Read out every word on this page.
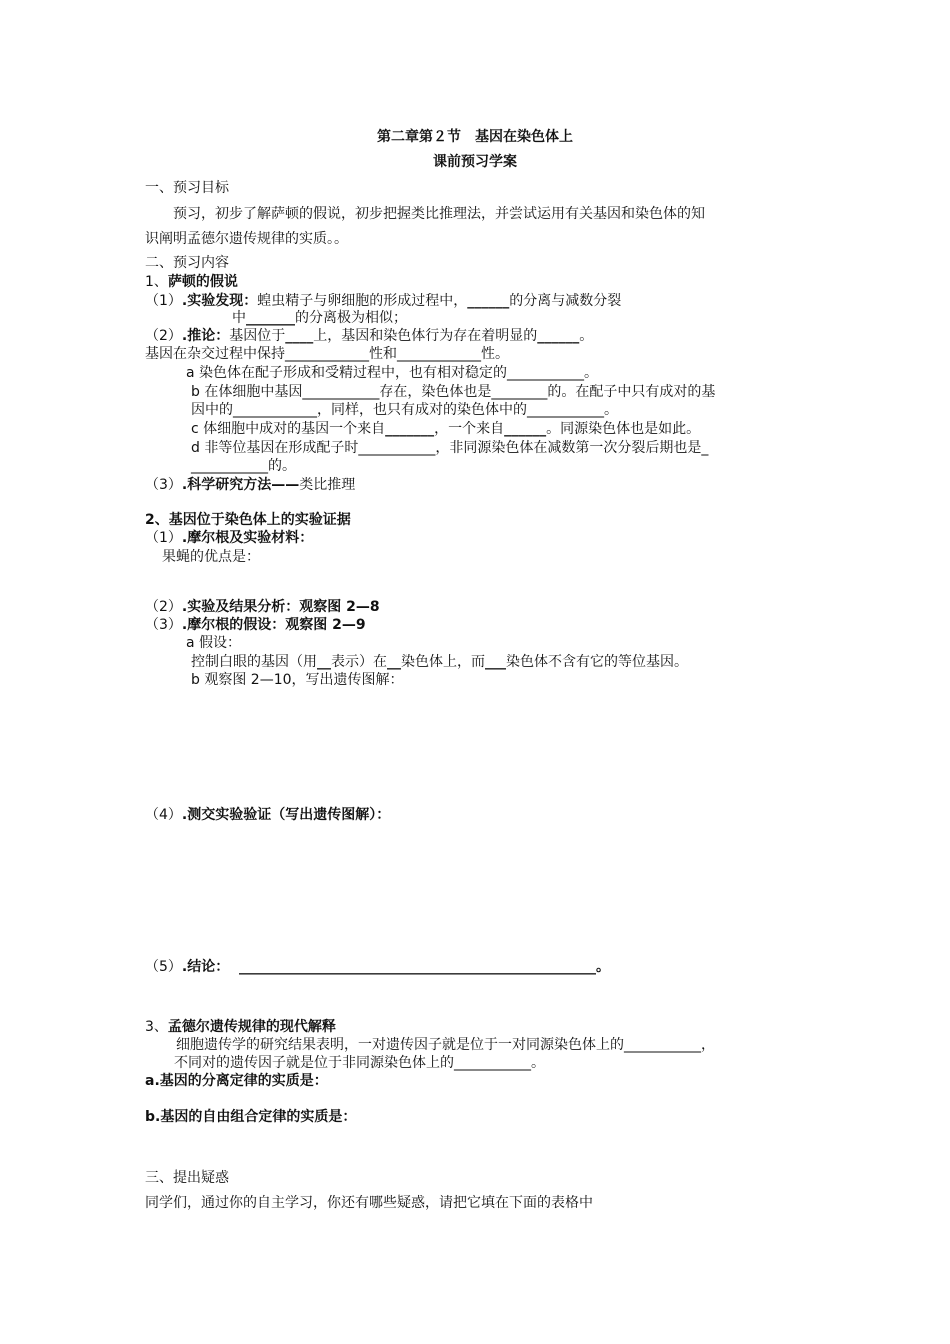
第二章第２节　基因在染色体上
课前预习学案
一、预习目标
　　预习，初步了解萨顿的假说，初步把握类比推理法，并尝试运用有关基因和染色体的知
识阐明孟德尔遗传规律的实质。。
二、预习内容
1、萨顿的假说
（1）.实验发现：蝗虫精子与卵细胞的形成过程中，______的分离与减数分裂
中_______的分离极为相似；
（2）.推论：基因位于____上，基因和染色体行为存在着明显的______。
基因在杂交过程中保持____________性和____________性。
a 染色体在配子形成和受精过程中，也有相对稳定的___________。
b 在体细胞中基因___________存在，染色体也是________的。在配子中只有成对的基
因中的____________，同样，也只有成对的染色体中的___________。
c 体细胞中成对的基因一个来自_______，一个来自______。同源染色体也是如此。
d 非等位基因在形成配子时___________，非同源染色体在减数第一次分裂后期也是_
___________的。
（3）.科学研究方法——类比推理
2、基因位于染色体上的实验证据
（1）.摩尔根及实验材料：
果蝇的优点是：
（2）.实验及结果分析：观察图 2—8
（3）.摩尔根的假设：观察图 2—9
a 假设：
控制白眼的基因（用__表示）在__染色体上，而___染色体不含有它的等位基因。
b 观察图 2—10，写出遗传图解：
（4）.测交实验验证（写出遗传图解）：
（5）.结论：  ___________________________________________________。
3、孟德尔遗传规律的现代解释
　细胞遗传学的研究结果表明，一对遗传因子就是位于一对同源染色体上的___________，
不同对的遗传因子就是位于非同源染色体上的___________。
a.基因的分离定律的实质是：
b.基因的自由组合定律的实质是：
三、提出疑惑
同学们，通过你的自主学习，你还有哪些疑惑，请把它填在下面的表格中
